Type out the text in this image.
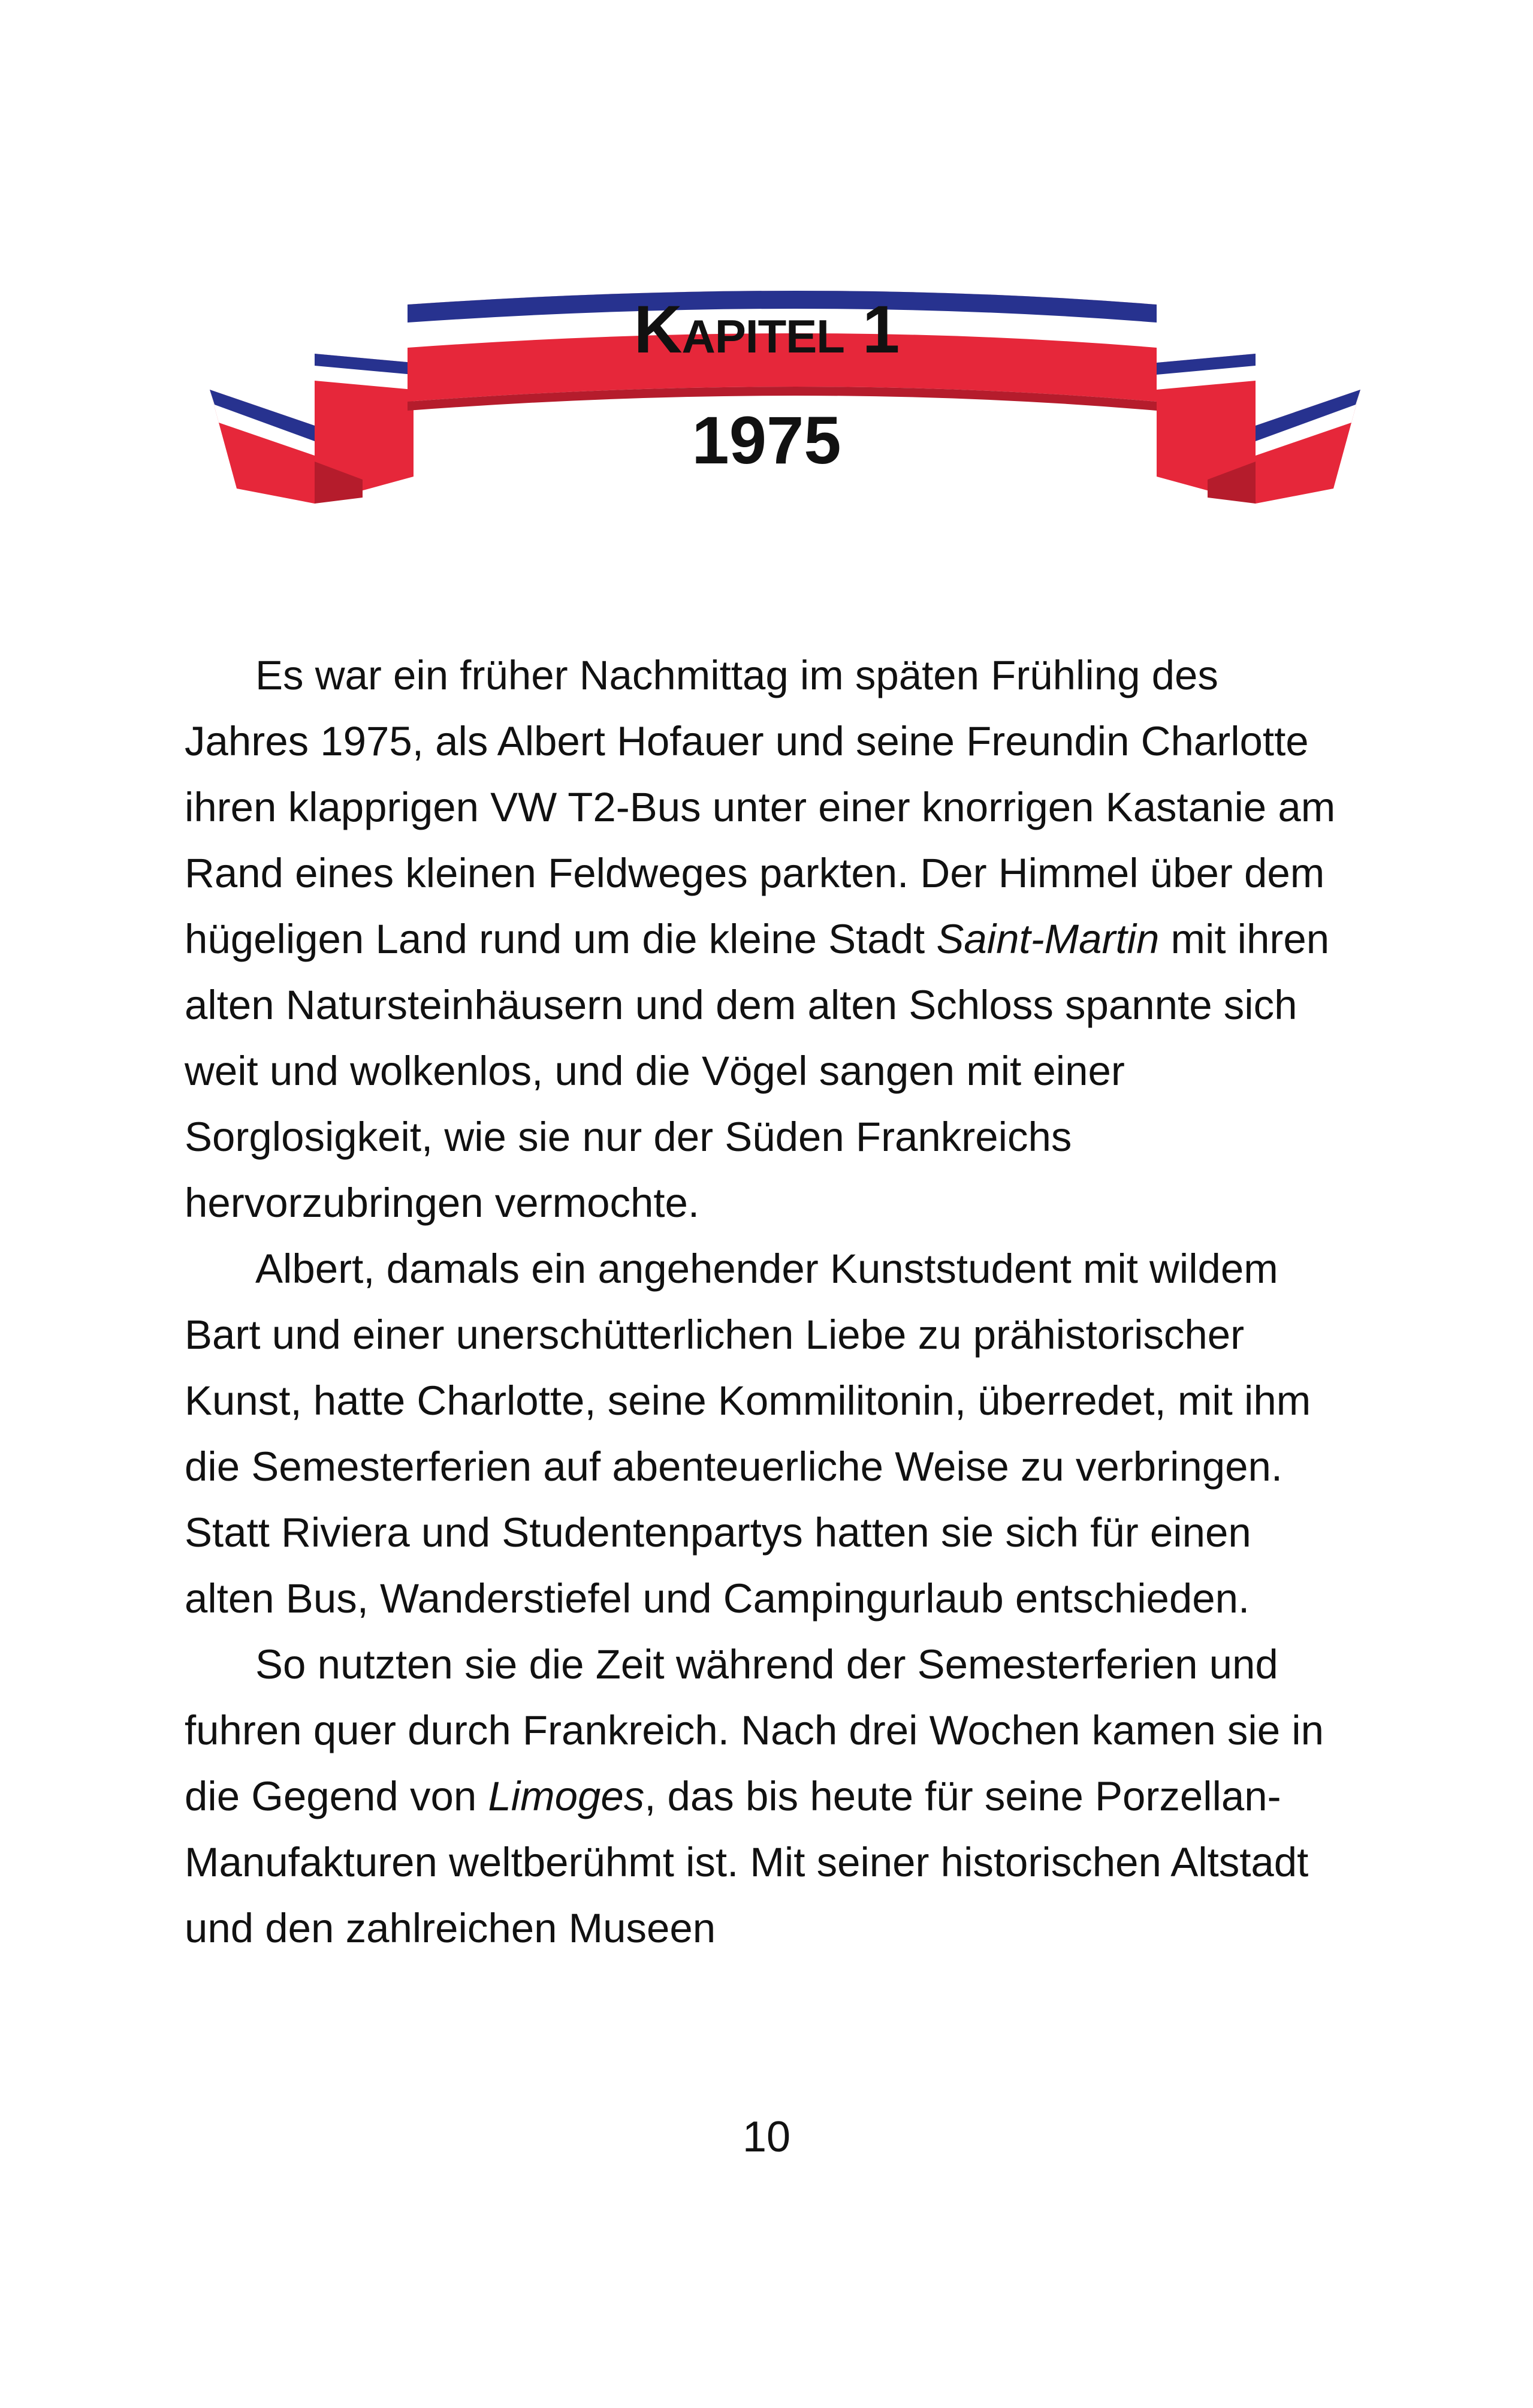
Kapitel 1
1975

Es war ein früher Nachmittag im späten Frühling des Jahres 1975, als Albert Hofauer und seine Freundin Charlotte ihren klapprigen VW T2-Bus unter einer knorrigen Kastanie am Rand eines kleinen Feldweges parkten. Der Himmel über dem hügeligen Land rund um die kleine Stadt Saint-Martin mit ihren alten Natursteinhäusern und dem alten Schloss spannte sich weit und wolkenlos, und die Vögel sangen mit einer Sorglosigkeit, wie sie nur der Süden Frankreichs hervorzubringen vermochte.

Albert, damals ein angehender Kunststudent mit wildem Bart und einer unerschütterlichen Liebe zu prähistorischer Kunst, hatte Charlotte, seine Kommilitonin, überredet, mit ihm die Semesterferien auf abenteuerliche Weise zu verbringen. Statt Riviera und Studentenpartys hatten sie sich für einen alten Bus, Wanderstiefel und Campingurlaub entschieden.

So nutzten sie die Zeit während der Semesterferien und fuhren quer durch Frankreich. Nach drei Wochen kamen sie in die Gegend von Limoges, das bis heute für seine Porzellan-Manufakturen weltberühmt ist. Mit seiner historischen Altstadt und den zahlreichen Museen

10
